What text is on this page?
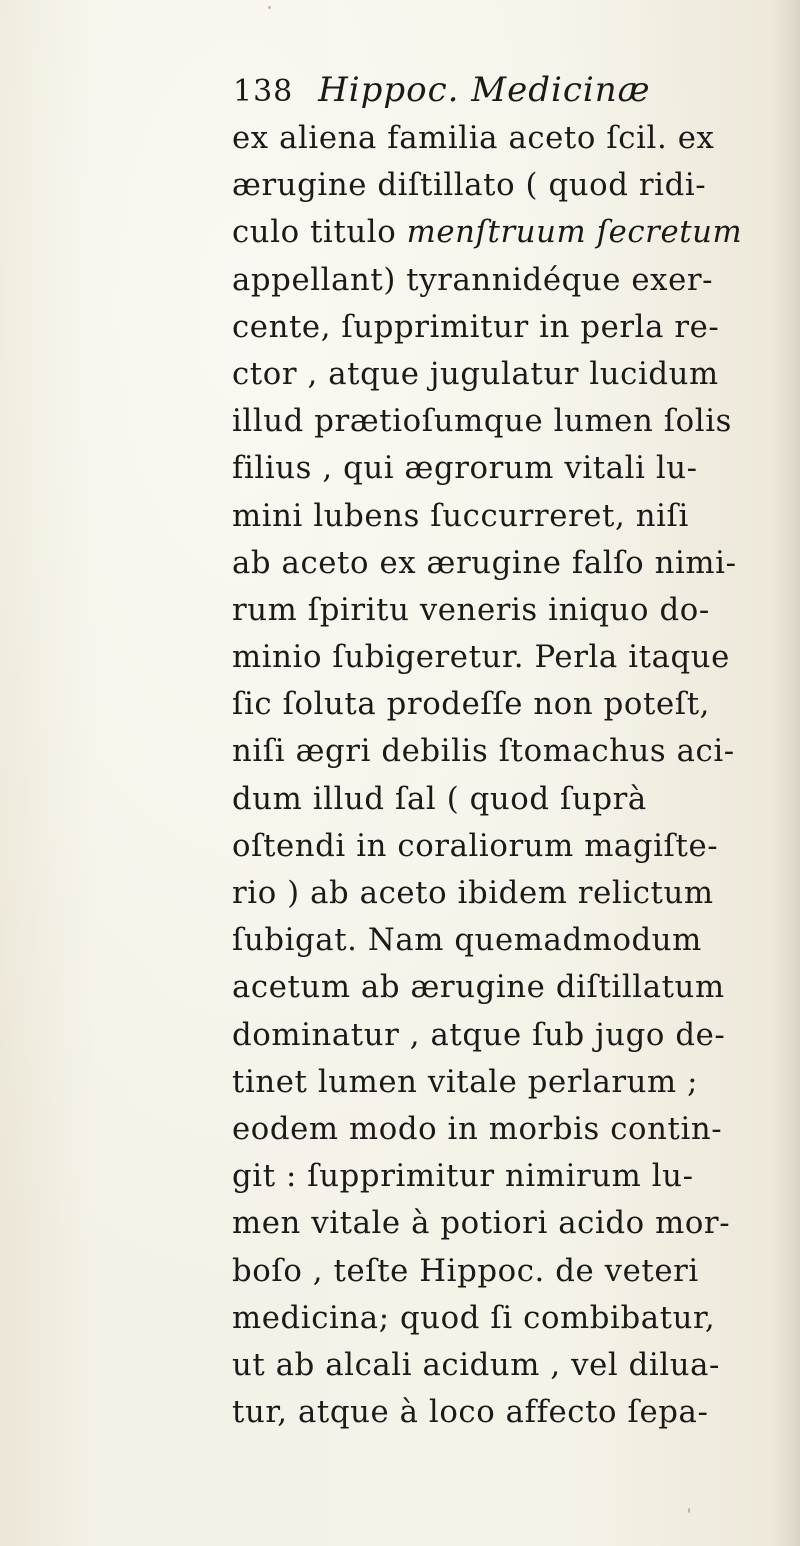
138 Hippoc. Medicinæ
ex aliena familia aceto ſcil. ex
ærugine diſtillato ( quod ridi-
culo titulo menſtruum ſecretum
appellant) tyrannidéque exer-
cente, ſupprimitur in perla re-
ctor , atque jugulatur lucidum
illud prætioſumque lumen ſolis
filius , qui ægrorum vitali lu-
mini lubens ſuccurreret, niſi
ab aceto ex ærugine falſo nimi-
rum ſpiritu veneris iniquo do-
minio ſubigeretur. Perla itaque
ſic ſoluta prodeſſe non poteſt,
niſi ægri debilis ſtomachus aci-
dum illud ſal ( quod ſuprà
oſtendi in coraliorum magiſte-
rio ) ab aceto ibidem relictum
ſubigat. Nam quemadmodum
acetum ab ærugine diſtillatum
dominatur , atque ſub jugo de-
tinet lumen vitale perlarum ;
eodem modo in morbis contin-
git : ſupprimitur nimirum lu-
men vitale à potiori acido mor-
boſo , teſte Hippoc. de veteri
medicina; quod ſi combibatur,
ut ab alcali acidum , vel dilua-
tur, atque à loco affecto ſepa-
